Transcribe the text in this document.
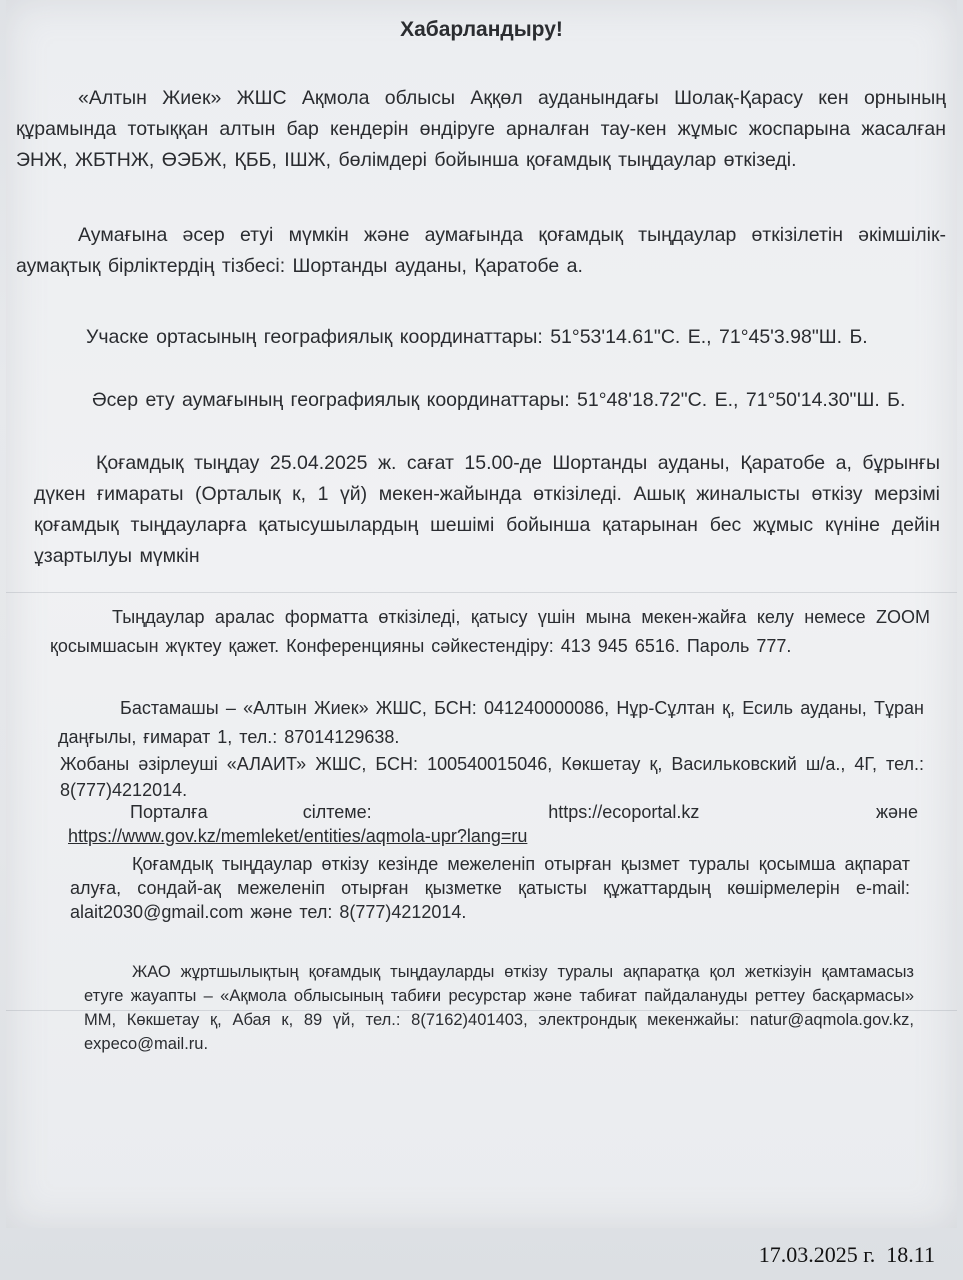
Хабарландыру!
«Алтын Жиек» ЖШС Ақмола облысы Аққөл ауданындағы Шолақ-Қарасу кен орнының құрамында тотыққан алтын бар кендерін өндіруге арналған тау-кен жұмыс жоспарына жасалған ЭНЖ, ЖБТНЖ, ӨЭБЖ, ҚББ, ІШЖ, бөлімдері бойынша қоғамдық тыңдаулар өткізеді.
Аумағына әсер етуі мүмкін және аумағында қоғамдық тыңдаулар өткізілетін әкімшілік-аумақтық бірліктердің тізбесі: Шортанды ауданы, Қаратобе а.
Учаске ортасының географиялық координаттары: 51°53'14.61"С. Е., 71°45'3.98"Ш. Б.
Әсер ету аумағының географиялық координаттары: 51°48'18.72"С. Е., 71°50'14.30"Ш. Б.
Қоғамдық тыңдау 25.04.2025 ж. сағат 15.00-де Шортанды ауданы, Қаратобе а, бұрынғы дүкен ғимараты (Орталық к, 1 үй) мекен-жайында өткізіледі. Ашық жиналысты өткізу мерзімі қоғамдық тыңдауларға қатысушылардың шешімі бойынша қатарынан бес жұмыс күніне дейін ұзартылуы мүмкін
Тыңдаулар аралас форматта өткізіледі, қатысу үшін мына мекен-жайға келу немесе ZOOM қосымшасын жүктеу қажет. Конференцияны сәйкестендіру: 413 945 6516. Пароль 777.
Бастамашы – «Алтын Жиек» ЖШС, БСН: 041240000086, Нұр-Сұлтан қ, Есиль ауданы, Тұран даңғылы, ғимарат 1, тел.: 87014129638.
Жобаны әзірлеуші «АЛАИТ» ЖШС, БСН: 100540015046, Көкшетау қ, Васильковский ш/а., 4Г, тел.: 8(777)4212014.
Порталға сілтеме:	https://ecoportal.kz	және
https://www.gov.kz/memleket/entities/aqmola-upr?lang=ru
Қоғамдық тыңдаулар өткізу кезінде межеленіп отырған қызмет туралы қосымша ақпарат алуға, сондай-ақ межеленіп отырған қызметке қатысты құжаттардың көшірмелерін e-mail: alait2030@gmail.com және тел: 8(777)4212014.
ЖАО жұртшылықтың қоғамдық тыңдауларды өткізу туралы ақпаратқа қол жеткізуін қамтамасыз етуге жауапты – «Ақмола облысының табиғи ресурстар және табиғат пайдалануды реттеу басқармасы» ММ, Көкшетау қ, Абая к, 89 үй, тел.: 8(7162)401403, электрондық мекенжайы: natur@aqmola.gov.kz, expeco@mail.ru.
17.03.2025 г.  18.11
